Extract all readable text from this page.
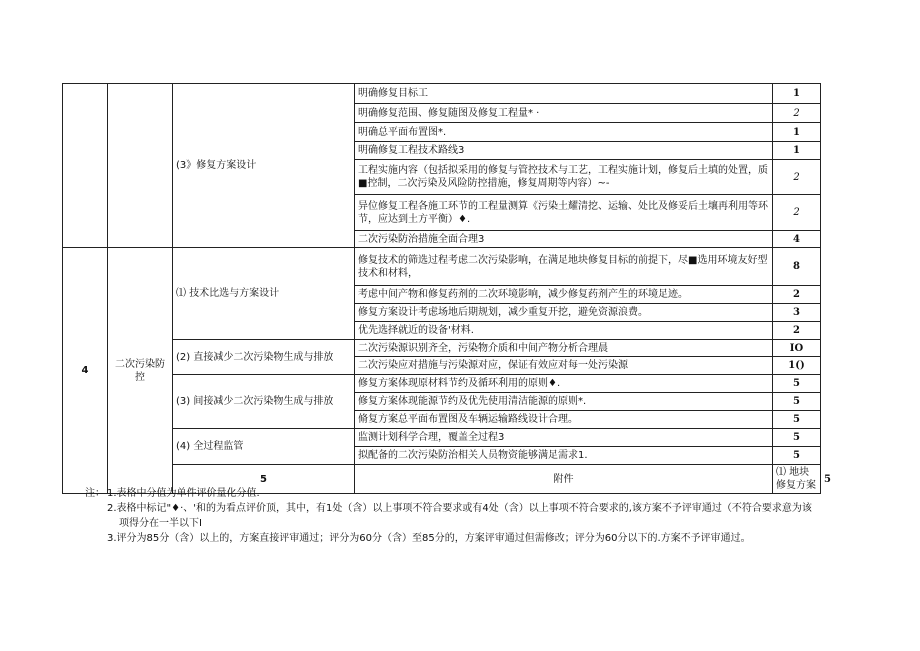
		(3》修复方案设计	明确修复目标工	1	
			明确修复范围、修复随图及修复工程量* ·	2	
			明确总平面布置图*.	1	
			明确修复工程技术路线3	1	
			工程实施内容（包括拟采用的修复与管控技术与工艺，工程实施计划，修复后土填的处置，质■控制，二次污染及风险防控措施，修复周期等内容）~-	2	
			异位修复工程各施工环节的工程量测算《污染土耀清挖、运输、处比及修妥后土壤再利用等环节，应达到土方平衡）♦.	2	
			二次污染防治措施全面合理3	4	
4	二次污染防控	⑴ 技术比选与方案设计	修复技术的筛选过程考虑二次污染影响，在满足地块修复目标的前提下，尽■选用环境友好型技术和材料，	8	
			考虑中间产物和修复药剂的二次环境影响，减少修复药剂产生的环境足迹。	2	
			修复方案设计考虑场地后期规划，减少重复开挖，避免资源浪费。	3	
			优先选择就近的设备'材料.	2	
		(2) 直接减少二次污染物生成与排放	二次污染源识别齐全，污染物介质和中间产物分析合理晨	IO	
			二次污染应对措施与污染源对应，保证有效应对每一处污染源	1()	
		(3) 间接减少二次污染物生成与排放	修复方案体现原材料节约及循环利用的原则♦.	5	
			修复方案体现能源节约及优先使用清洁能源的原则*.	5	
			脩复方案总平面布置图及车辆运输路线设计合理。	5	
		(4) 全过程监管	监测计划科学合理，覆盖全过程3	5	
			拟配备的二次污染防治相关人员物资能够满足需求1.	5	
		5	附件	⑴ 地块修复方案		5
注： 1.表格中分值为单件评价量化分值.
2.表格中标记"♦·、'和的为看点评价顶，其中，有1处（含）以上事项不符合要求或有4处（含）以上事项不符合要求的,该方案不予评审通过（不符合要求意为该项得分在一半以下I
3.评分为85分（含）以上的，方案直接评审通过；评分为60分（含）至85分的，方案评审通过但需修改；评分为60分以下的.方案不予评审通过。
